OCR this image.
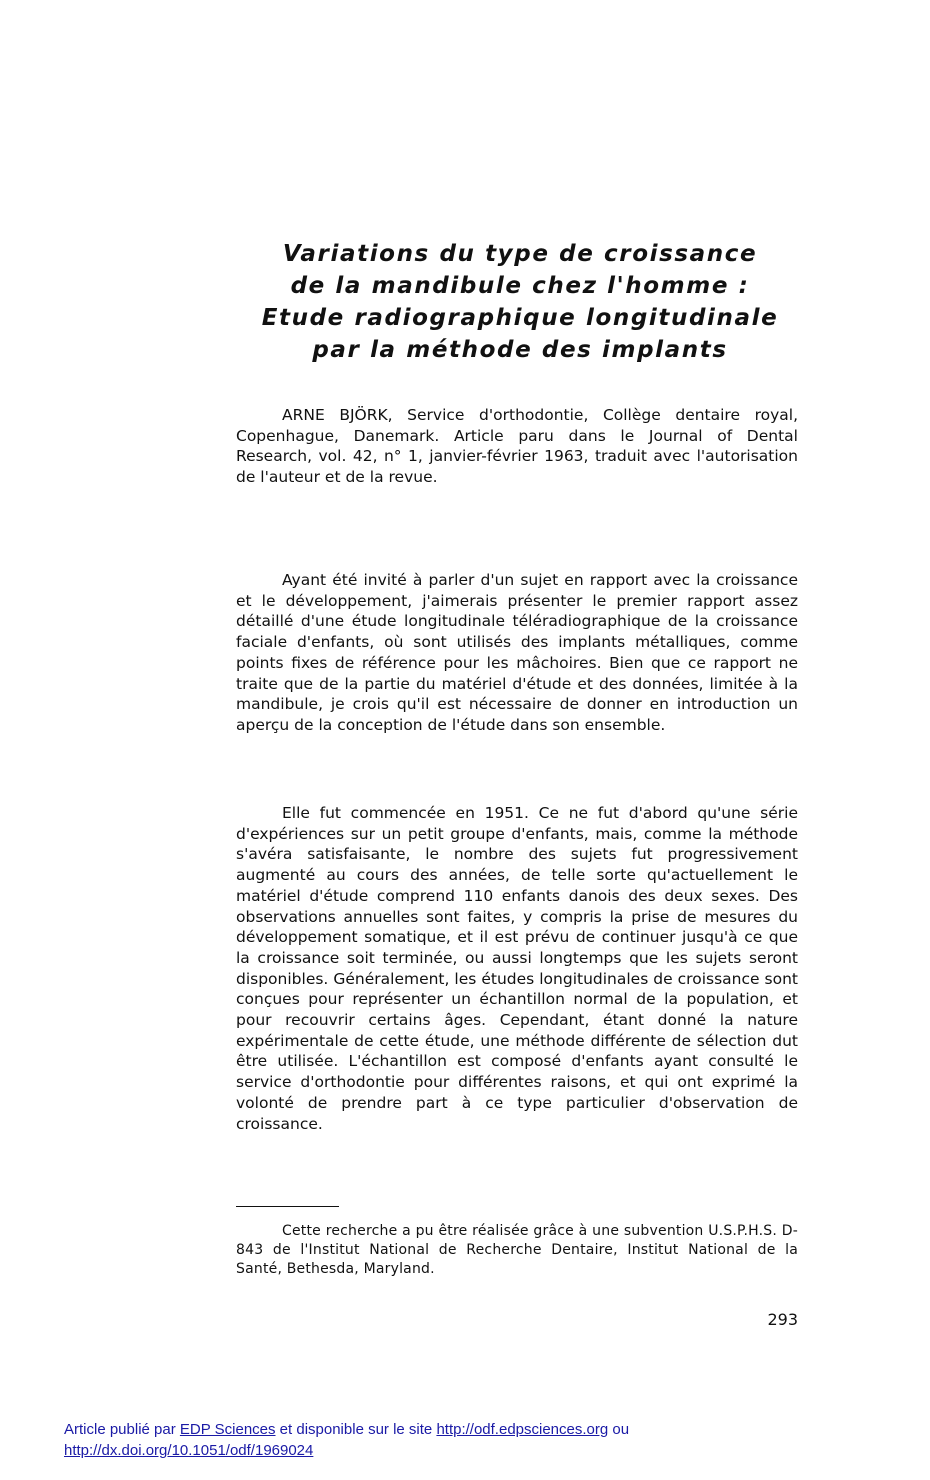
Variations du type de croissance
de la mandibule chez l'homme :
Etude radiographique longitudinale
par la méthode des implants

ARNE BJÖRK, Service d'orthodontie, Collège dentaire royal, Copenhague, Danemark. Article paru dans le Journal of Dental Research, vol. 42, n° 1, janvier-février 1963, traduit avec l'autorisation de l'auteur et de la revue.

Ayant été invité à parler d'un sujet en rapport avec la croissance et le développement, j'aimerais présenter le premier rapport assez détaillé d'une étude longitudinale téléradiographique de la croissance faciale d'enfants, où sont utilisés des implants métalliques, comme points fixes de référence pour les mâchoires. Bien que ce rapport ne traite que de la partie du matériel d'étude et des données, limitée à la mandibule, je crois qu'il est nécessaire de donner en introduction un aperçu de la conception de l'étude dans son ensemble.

Elle fut commencée en 1951. Ce ne fut d'abord qu'une série d'expériences sur un petit groupe d'enfants, mais, comme la méthode s'avéra satisfaisante, le nombre des sujets fut progressivement augmenté au cours des années, de telle sorte qu'actuellement le matériel d'étude comprend 110 enfants danois des deux sexes. Des observations annuelles sont faites, y compris la prise de mesures du développement somatique, et il est prévu de continuer jusqu'à ce que la croissance soit terminée, ou aussi longtemps que les sujets seront disponibles. Généralement, les études longitudinales de croissance sont conçues pour représenter un échantillon normal de la population, et pour recouvrir certains âges. Cependant, étant donné la nature expérimentale de cette étude, une méthode différente de sélection dut être utilisée. L'échantillon est composé d'enfants ayant consulté le service d'orthodontie pour différentes raisons, et qui ont exprimé la volonté de prendre part à ce type particulier d'observation de croissance.

Cette recherche a pu être réalisée grâce à une subvention U.S.P.H.S. D-843 de l'Institut National de Recherche Dentaire, Institut National de la Santé, Bethesda, Maryland.

293
Article publié par EDP Sciences et disponible sur le site http://odf.edpsciences.org ou
http://dx.doi.org/10.1051/odf/1969024
